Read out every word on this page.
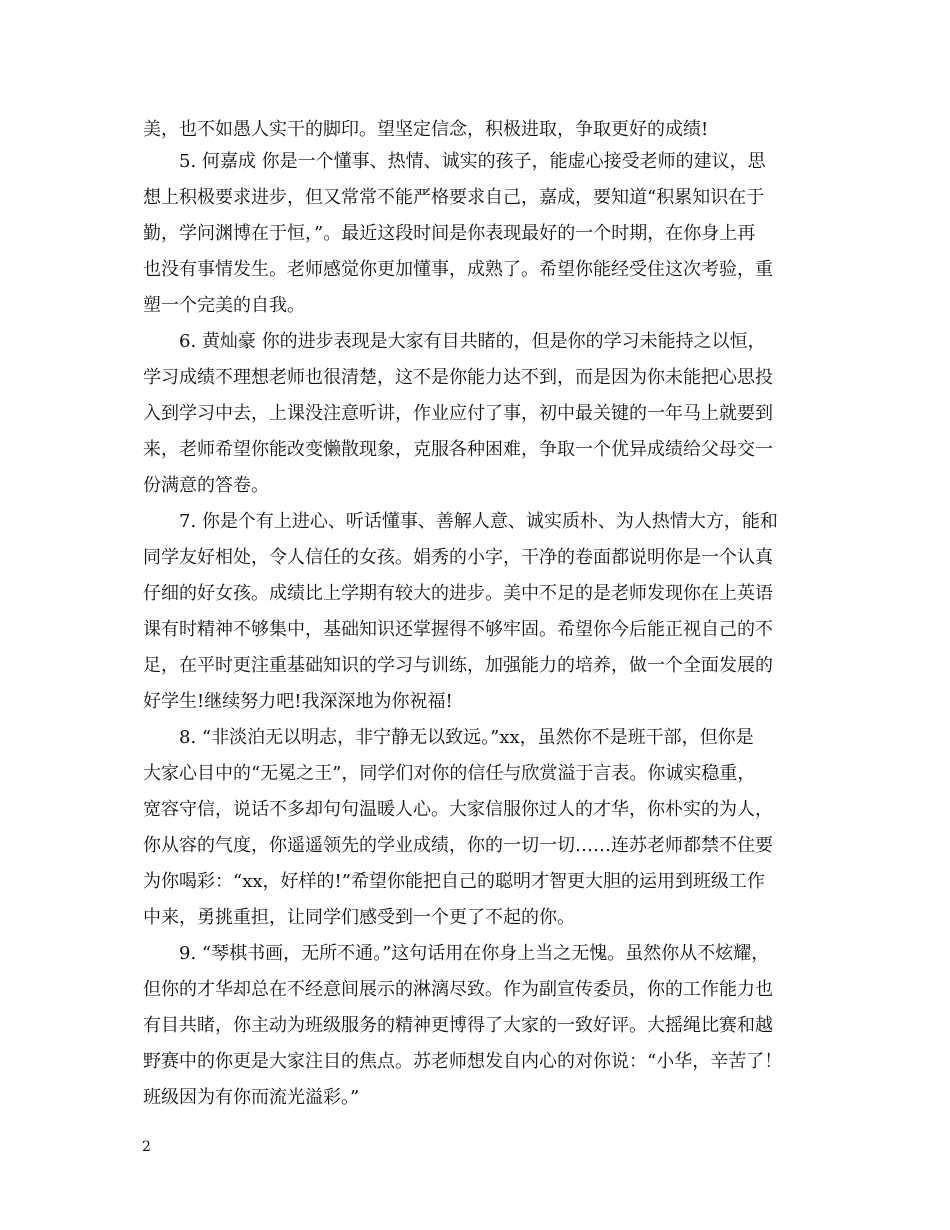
美，也不如愚人实干的脚印。望坚定信念，积极进取，争取更好的成绩!
5. 何嘉成 你是一个懂事、热情、诚实的孩子，能虚心接受老师的建议，思
想上积极要求进步，但又常常不能严格要求自己，嘉成，要知道“积累知识在于
勤，学问渊博在于恒，”。最近这段时间是你表现最好的一个时期，在你身上再
也没有事情发生。老师感觉你更加懂事，成熟了。希望你能经受住这次考验，重
塑一个完美的自我。
6. 黄灿豪 你的进步表现是大家有目共睹的，但是你的学习未能持之以恒，
学习成绩不理想老师也很清楚，这不是你能力达不到，而是因为你未能把心思投
入到学习中去，上课没注意听讲，作业应付了事，初中最关键的一年马上就要到
来，老师希望你能改变懒散现象，克服各种困难，争取一个优异成绩给父母交一
份满意的答卷。
7. 你是个有上进心、听话懂事、善解人意、诚实质朴、为人热情大方，能和
同学友好相处，令人信任的女孩。娟秀的小字，干净的卷面都说明你是一个认真
仔细的好女孩。成绩比上学期有较大的进步。美中不足的是老师发现你在上英语
课有时精神不够集中，基础知识还掌握得不够牢固。希望你今后能正视自己的不
足，在平时更注重基础知识的学习与训练，加强能力的培养，做一个全面发展的
好学生!继续努力吧!我深深地为你祝福!
8. “非淡泊无以明志，非宁静无以致远。”xx，虽然你不是班干部，但你是
大家心目中的“无冕之王”，同学们对你的信任与欣赏溢于言表。你诚实稳重，
宽容守信，说话不多却句句温暖人心。大家信服你过人的才华，你朴实的为人，
你从容的气度，你遥遥领先的学业成绩，你的一切一切……连苏老师都禁不住要
为你喝彩：“xx，好样的!”希望你能把自己的聪明才智更大胆的运用到班级工作
中来，勇挑重担，让同学们感受到一个更了不起的你。
9. “琴棋书画，无所不通。”这句话用在你身上当之无愧。虽然你从不炫耀，
但你的才华却总在不经意间展示的淋漓尽致。作为副宣传委员，你的工作能力也
有目共睹，你主动为班级服务的精神更博得了大家的一致好评。大摇绳比赛和越
野赛中的你更是大家注目的焦点。苏老师想发自内心的对你说：“小华，辛苦了！
班级因为有你而流光溢彩。”
2
